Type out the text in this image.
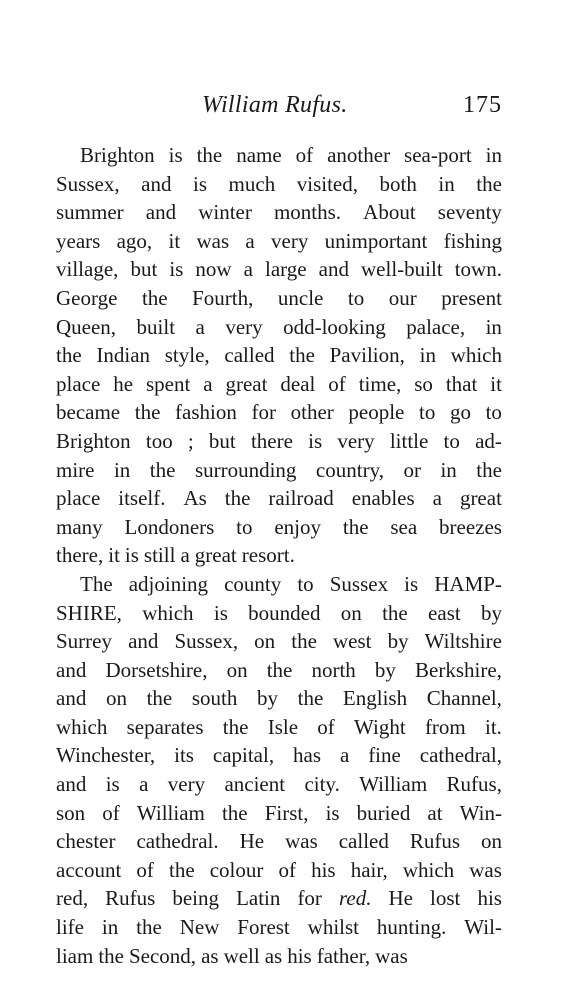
William Rufus.	175
Brighton is the name of another sea-port in
Sussex, and is much visited, both in the
summer and winter months. About seventy
years ago, it was a very unimportant fishing
village, but is now a large and well-built town.
George the Fourth, uncle to our present
Queen, built a very odd-looking palace, in
the Indian style, called the Pavilion, in which
place he spent a great deal of time, so that it
became the fashion for other people to go to
Brighton too ; but there is very little to ad-
mire in the surrounding country, or in the
place itself. As the railroad enables a great
many Londoners to enjoy the sea breezes
there, it is still a great resort.
The adjoining county to Sussex is HAMP-
SHIRE, which is bounded on the east by
Surrey and Sussex, on the west by Wiltshire
and Dorsetshire, on the north by Berkshire,
and on the south by the English Channel,
which separates the Isle of Wight from it.
Winchester, its capital, has a fine cathedral,
and is a very ancient city. William Rufus,
son of William the First, is buried at Win-
chester cathedral. He was called Rufus on
account of the colour of his hair, which was
red, Rufus being Latin for red. He lost his
life in the New Forest whilst hunting. Wil-
liam the Second, as well as his father, was
